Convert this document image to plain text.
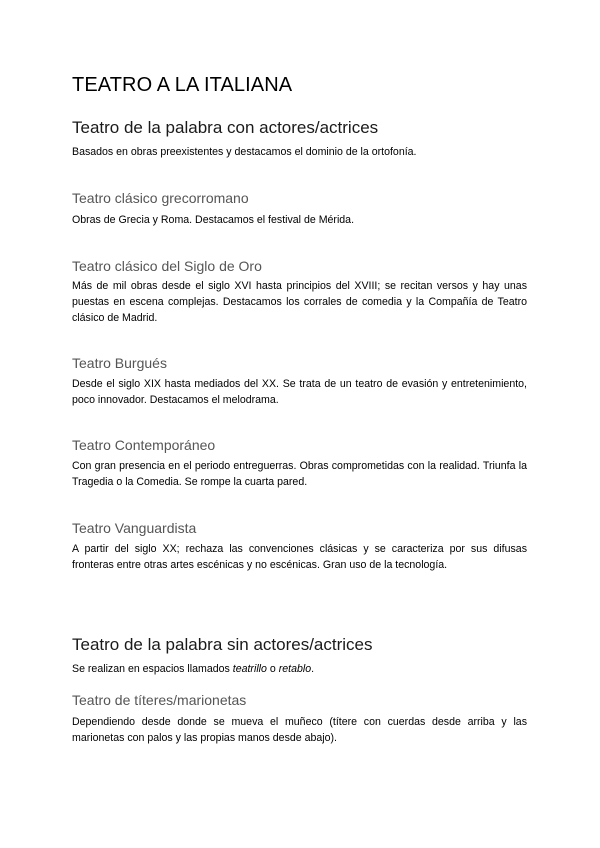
TEATRO A LA ITALIANA
Teatro de la palabra con actores/actrices

Basados en obras preexistentes y destacamos el dominio de la ortofonía.

Teatro clásico grecorromano

Obras de Grecia y Roma. Destacamos el festival de Mérida.

Teatro clásico del Siglo de Oro

Más de mil obras desde el siglo XVI hasta principios del XVIII; se recitan versos y hay unas puestas en escena complejas. Destacamos los corrales de comedia y la Compañía de Teatro clásico de Madrid.

Teatro Burgués

Desde el siglo XIX hasta mediados del XX. Se trata de un teatro de evasión y entretenimiento, poco innovador. Destacamos el melodrama.

Teatro Contemporáneo

Con gran presencia en el periodo entreguerras. Obras comprometidas con la realidad. Triunfa la Tragedia o la Comedia. Se rompe la cuarta pared.

Teatro Vanguardista

A partir del siglo XX; rechaza las convenciones clásicas y se caracteriza por sus difusas fronteras entre otras artes escénicas y no escénicas. Gran uso de la tecnología.

Teatro de la palabra sin actores/actrices

Se realizan en espacios llamados teatrillo o retablo.

Teatro de títeres/marionetas

Dependiendo desde donde se mueva el muñeco (títere con cuerdas desde arriba y las marionetas con palos y las propias manos desde abajo).
